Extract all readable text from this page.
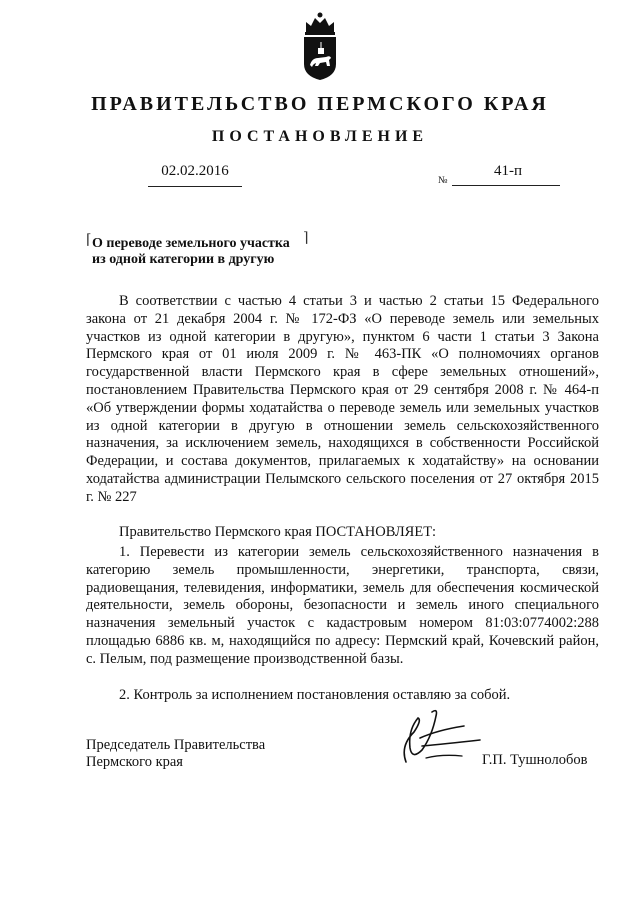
ПРАВИТЕЛЬСТВО ПЕРМСКОГО КРАЯ
ПОСТАНОВЛЕНИЕ
02.02.2016
№
41-п
⌈	⌉
О переводе земельного участка
из одной категории в другую

В соответствии с частью 4 статьи 3 и частью 2 статьи 15 Федерального закона от 21 декабря 2004 г. № 172-ФЗ «О переводе земель или земельных участков из одной категории в другую», пунктом 6 части 1 статьи 3 Закона Пермского края от 01 июля 2009 г. № 463-ПК «О полномочиях органов государственной власти Пермского края в сфере земельных отношений», постановлением Правительства Пермского края от 29 сентября 2008 г. № 464-п «Об утверждении формы ходатайства о переводе земель или земельных участков из одной категории в другую в отношении земель сельскохозяйственного назначения, за исключением земель, находящихся в собственности Российской Федерации, и состава документов, прилагаемых к ходатайству» на основании ходатайства администрации Пелымского сельского поселения от 27 октября 2015 г. № 227

Правительство Пермского края ПОСТАНОВЛЯЕТ:

1. Перевести из категории земель сельскохозяйственного назначения в категорию земель промышленности, энергетики, транспорта, связи, радиовещания, телевидения, информатики, земель для обеспечения космической деятельности, земель обороны, безопасности и земель иного специального назначения земельный участок с кадастровым номером 81:03:0774002:288 площадью 6886 кв. м, находящийся по адресу: Пермский край, Кочевский район, с. Пелым, под размещение производственной базы.

2. Контроль за исполнением постановления оставляю за собой.

Председатель Правительства
Пермского края	Г.П. Тушнолобов
